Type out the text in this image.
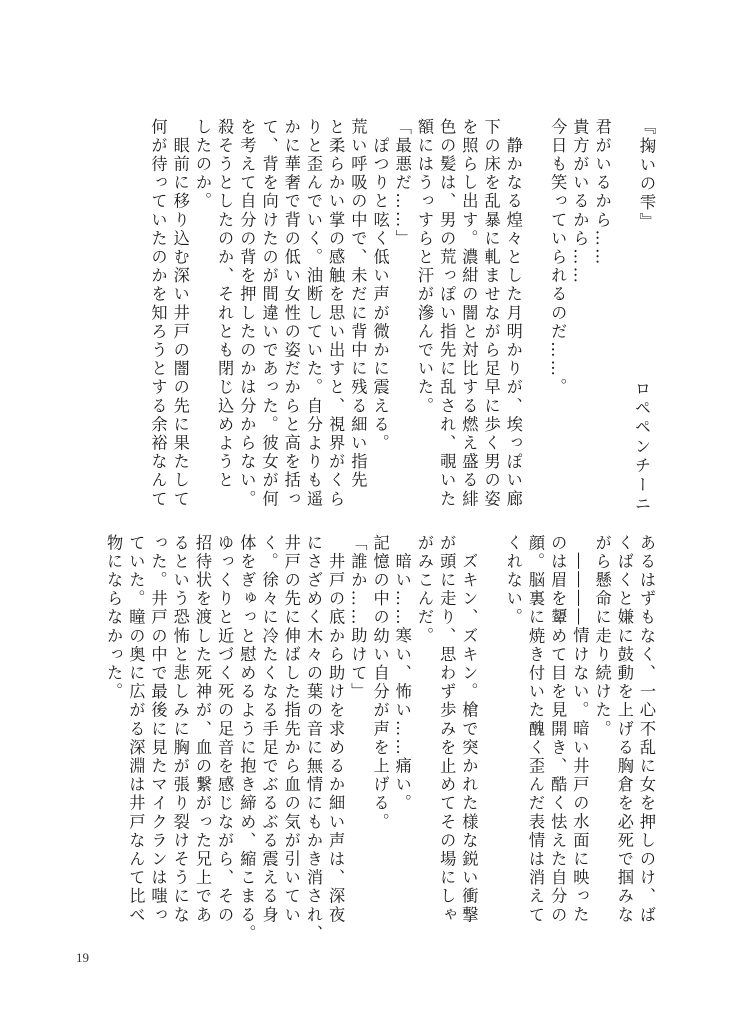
『掬いの雫』

君がいるから……
貴方がいるから……
今日も笑っていられるのだ……。

　静かなる煌々とした月明かりが、埃っぽい廊
下の床を乱暴に軋ませながら足早に歩く男の姿
を照らし出す。濃紺の闇と対比する燃え盛る緋
色の髪は、男の荒っぽい指先に乱され、覗いた
額にはうっすらと汗が滲んでいた。
「最悪だ……」
　ぽつりと呟く低い声が微かに震える。
荒い呼吸の中で、未だに背中に残る細い指先
と柔らかい掌の感触を思い出すと、視界がくら
りと歪んでいく。油断していた。自分よりも遥
かに華奢で背の低い女性の姿だからと高を括っ
て、背を向けたのが間違いであった。彼女が何
を考えて自分の背を押したのかは分からない。
殺そうとしたのか、それとも閉じ込めようと
したのか。
　眼前に移り込む深い井戸の闇の先に果たして
何が待っていたのかを知ろうとする余裕なんて	ロペペンチーニ
あるはずもなく、一心不乱に女を押しのけ、ば
くばくと嫌に鼓動を上げる胸倉を必死で掴みな
がら懸命に走り続けた。
　――――情けない。暗い井戸の水面に映った
のは眉を顰めて目を見開き、酷く怯えた自分の
顔。脳裏に焼き付いた醜く歪んだ表情は消えて
くれない。

　ズキン、ズキン。槍で突かれた様な鋭い衝撃
が頭に走り、思わず歩みを止めてその場にしゃ
がみこんだ。
　暗い……寒い、怖い……痛い。
記憶の中の幼い自分が声を上げる。
「誰か……助けて」
　井戸の底から助けを求めるか細い声は、深夜
にさざめく木々の葉の音に無情にもかき消され、
井戸の先に伸ばした指先から血の気が引いてい
く。徐々に冷たくなる手足でぶるぶる震える身
体をぎゅっと慰めるように抱き締め、縮こまる。
ゆっくりと近づく死の足音を感じながら、その
招待状を渡した死神が、血の繋がった兄上であ
るという恐怖と悲しみに胸が張り裂けそうにな
った。井戸の中で最後に見たマイクランは嗤っ
ていた。瞳の奥に広がる深淵は井戸なんて比べ
物にならなかった。
19
